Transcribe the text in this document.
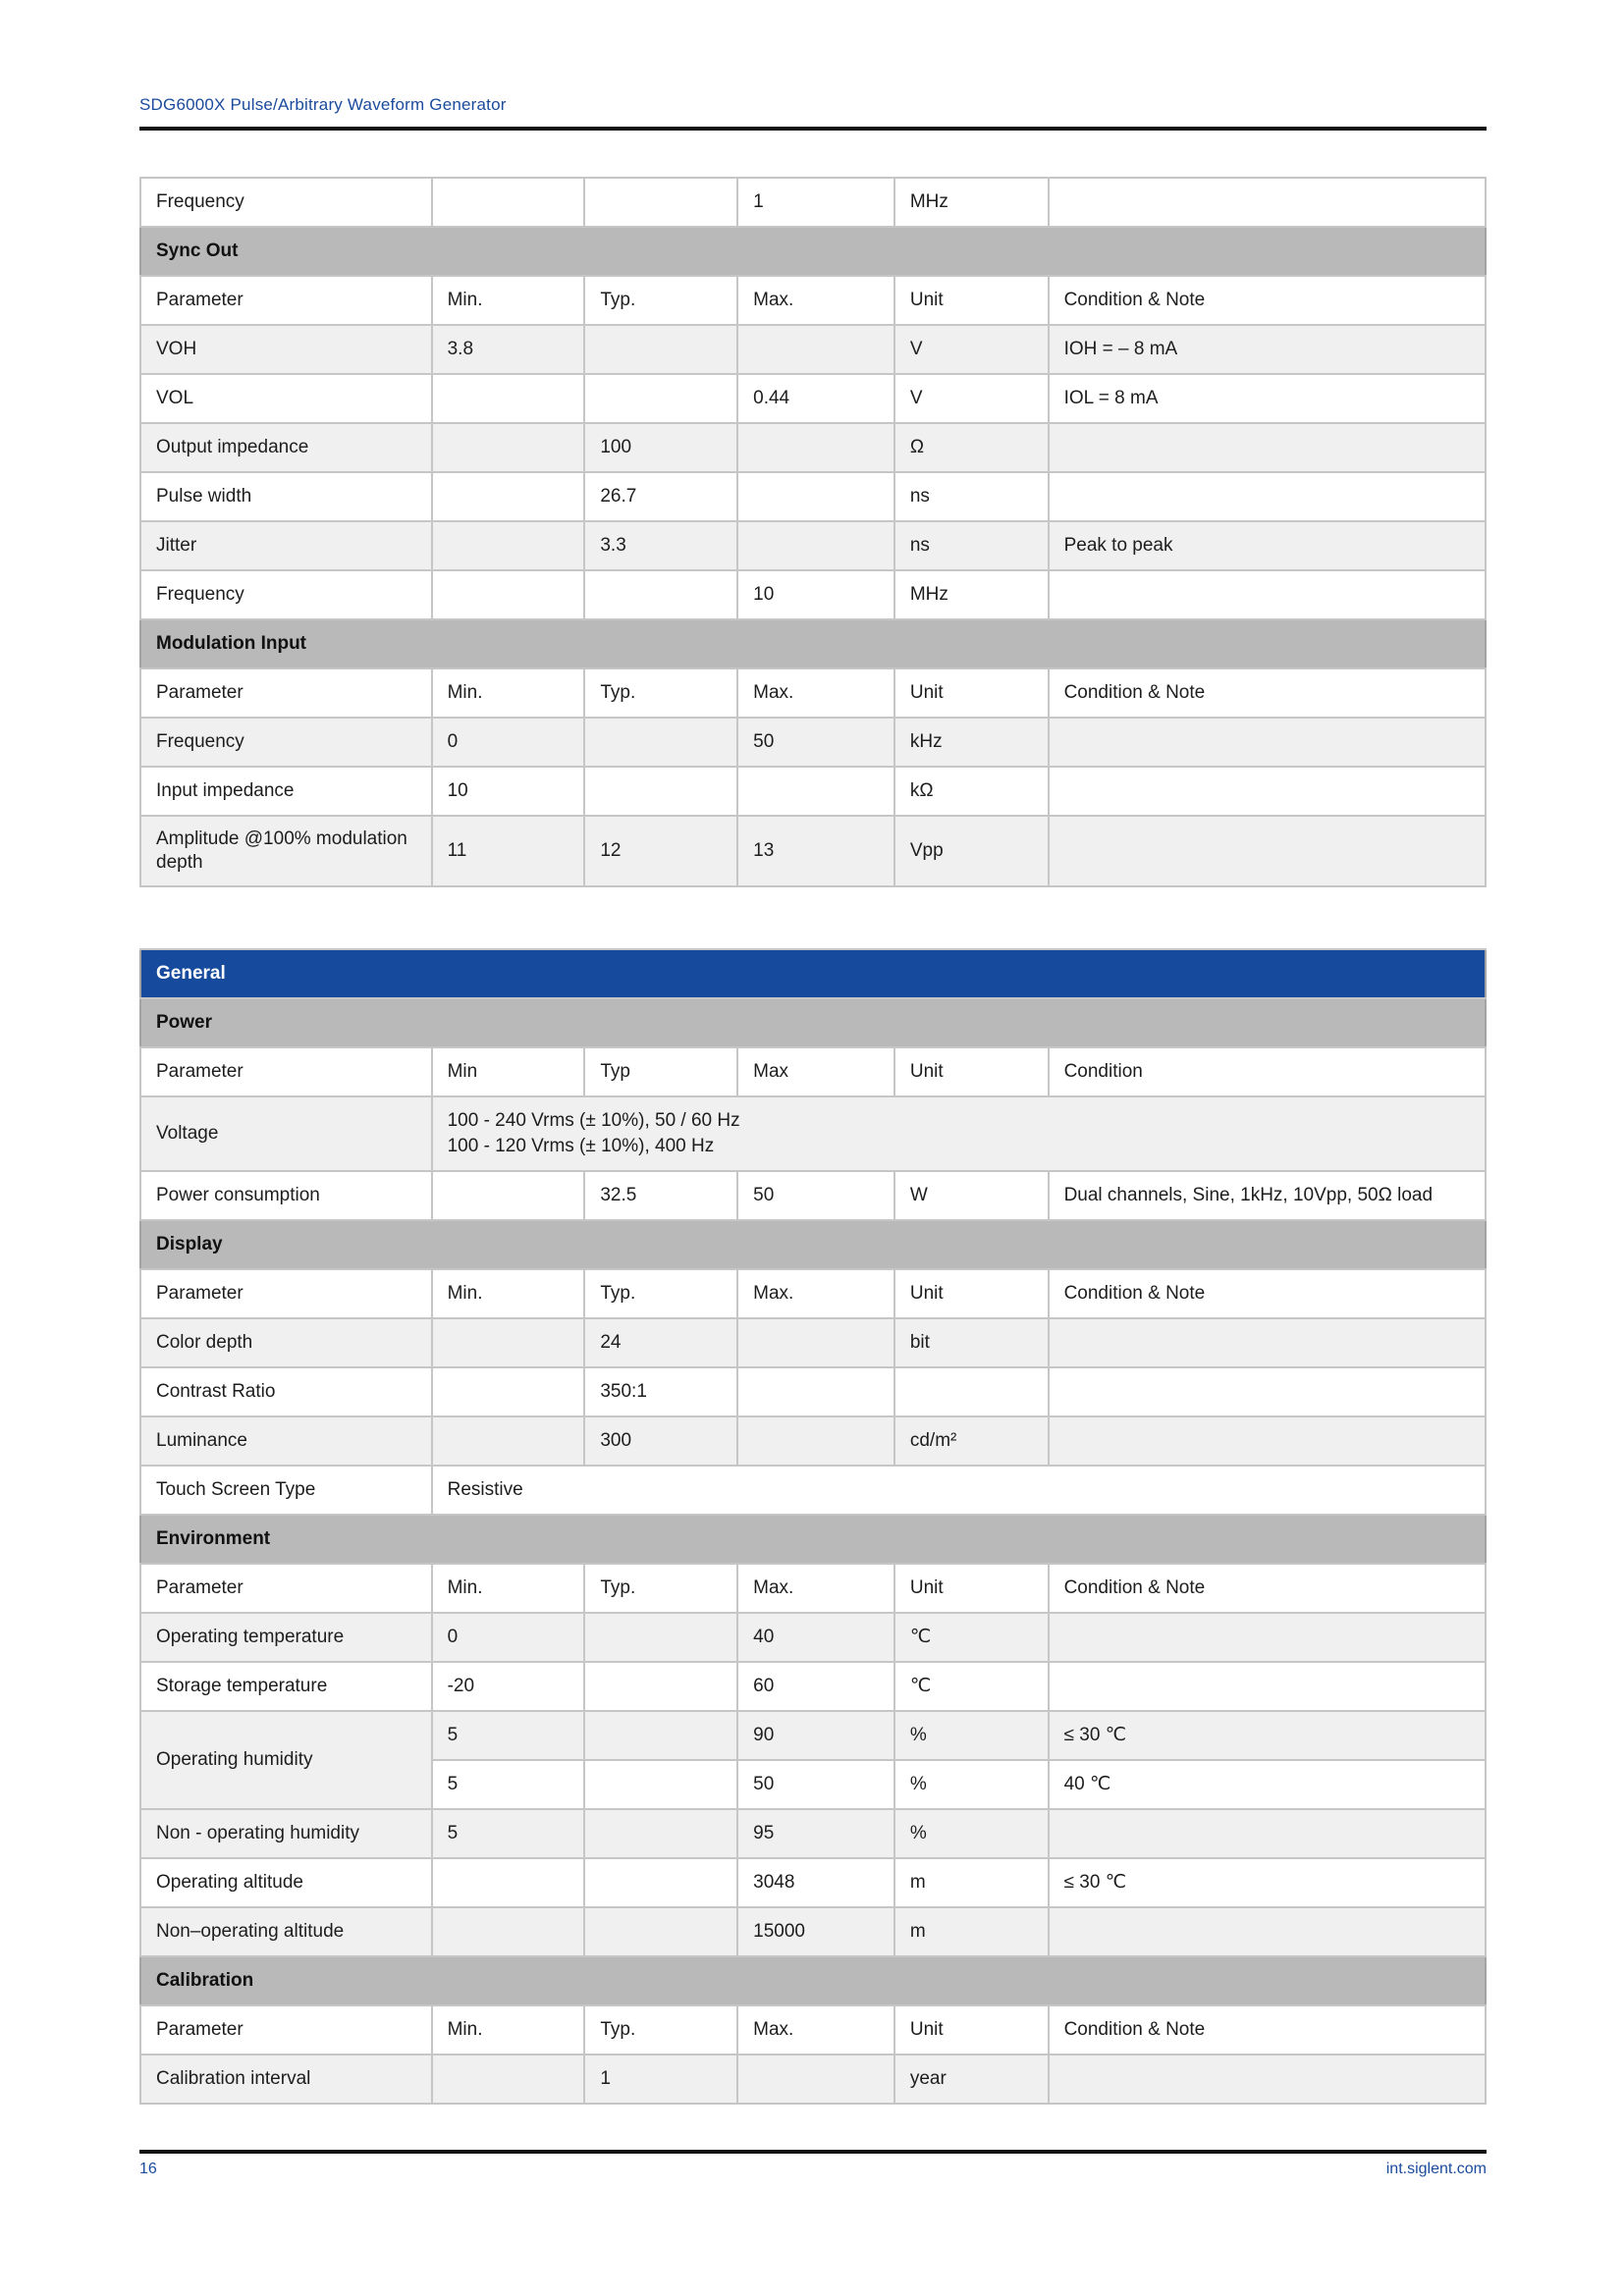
SDG6000X Pulse/Arbitrary Waveform Generator
Frequency			1	MHz	
Sync Out					
Parameter	Min.	Typ.	Max.	Unit	Condition & Note
VOH	3.8			V	IOH = – 8 mA
VOL			0.44	V	IOL = 8 mA
Output impedance		100		Ω	
Pulse width		26.7		ns	
Jitter		3.3		ns	Peak to peak
Frequency			10	MHz	
Modulation Input					
Parameter	Min.	Typ.	Max.	Unit	Condition & Note
Frequency	0		50	kHz	
Input impedance	10			kΩ	
Amplitude @100% modulation depth	11	12	13	Vpp	
General					
Power					
Parameter	Min	Typ	Max	Unit	Condition
Voltage	100 - 240 Vrms (± 10%), 50 / 60 Hz
100 - 120 Vrms (± 10%), 400 Hz				

Power consumption		32.5	50	W	Dual channels, Sine, 1kHz, 10Vpp, 50Ω load
Display					
Parameter	Min.	Typ.	Max.	Unit	Condition & Note
Color depth		24		bit	
Contrast Ratio		350:1			
Luminance		300		cd/m²	
Touch Screen Type	Resistive				
Environment					
Parameter	Min.	Typ.	Max.	Unit	Condition & Note
Operating temperature	0		40	℃	
Storage temperature	-20		60	℃	
Operating humidity	5		90	%	≤ 30 ℃
	5		50	%	40 ℃
Non - operating humidity	5		95	%	
Operating altitude			3048	m	≤ 30 ℃
Non–operating altitude			15000	m	
Calibration					
Parameter	Min.	Typ.	Max.	Unit	Condition & Note
Calibration interval		1		year	
16	int.siglent.com
